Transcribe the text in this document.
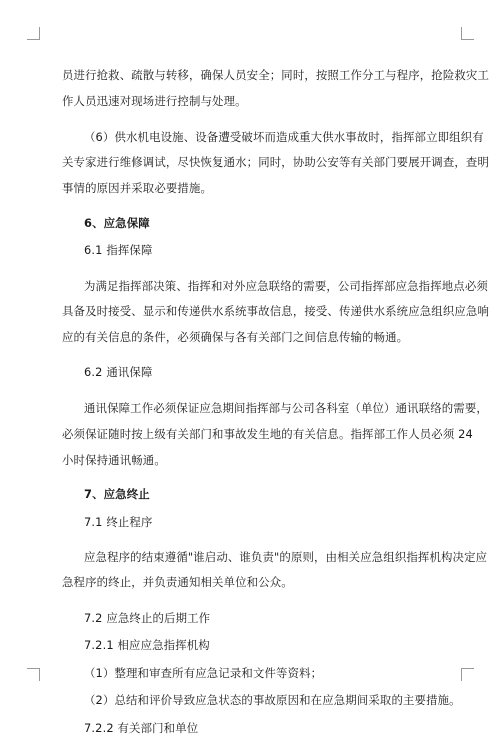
员进行抢救、疏散与转移，确保人员安全；同时，按照工作分工与程序，抢险救灾工
作人员迅速对现场进行控制与处理。
（6）供水机电设施、设备遭受破坏而造成重大供水事故时，指挥部立即组织有
关专家进行维修调试，尽快恢复通水；同时，协助公安等有关部门要展开调查，查明
事情的原因并采取必要措施。
6、应急保障
6.1 指挥保障
为满足指挥部决策、指挥和对外应急联络的需要，公司指挥部应急指挥地点必须
具备及时接受、显示和传递供水系统事故信息，接受、传递供水系统应急组织应急响
应的有关信息的条件，必须确保与各有关部门之间信息传输的畅通。
6.2 通讯保障
通讯保障工作必须保证应急期间指挥部与公司各科室（单位）通讯联络的需要，
必须保证随时按上级有关部门和事故发生地的有关信息。指挥部工作人员必须 24
小时保持通讯畅通。
7、应急终止
7.1 终止程序
应急程序的结束遵循"谁启动、谁负责"的原则，由相关应急组织指挥机构决定应
急程序的终止，并负责通知相关单位和公众。
7.2 应急终止的后期工作
7.2.1 相应应急指挥机构
（1）整理和审查所有应急记录和文件等资料；
（2）总结和评价导致应急状态的事故原因和在应急期间采取的主要措施。
7.2.2 有关部门和单位
